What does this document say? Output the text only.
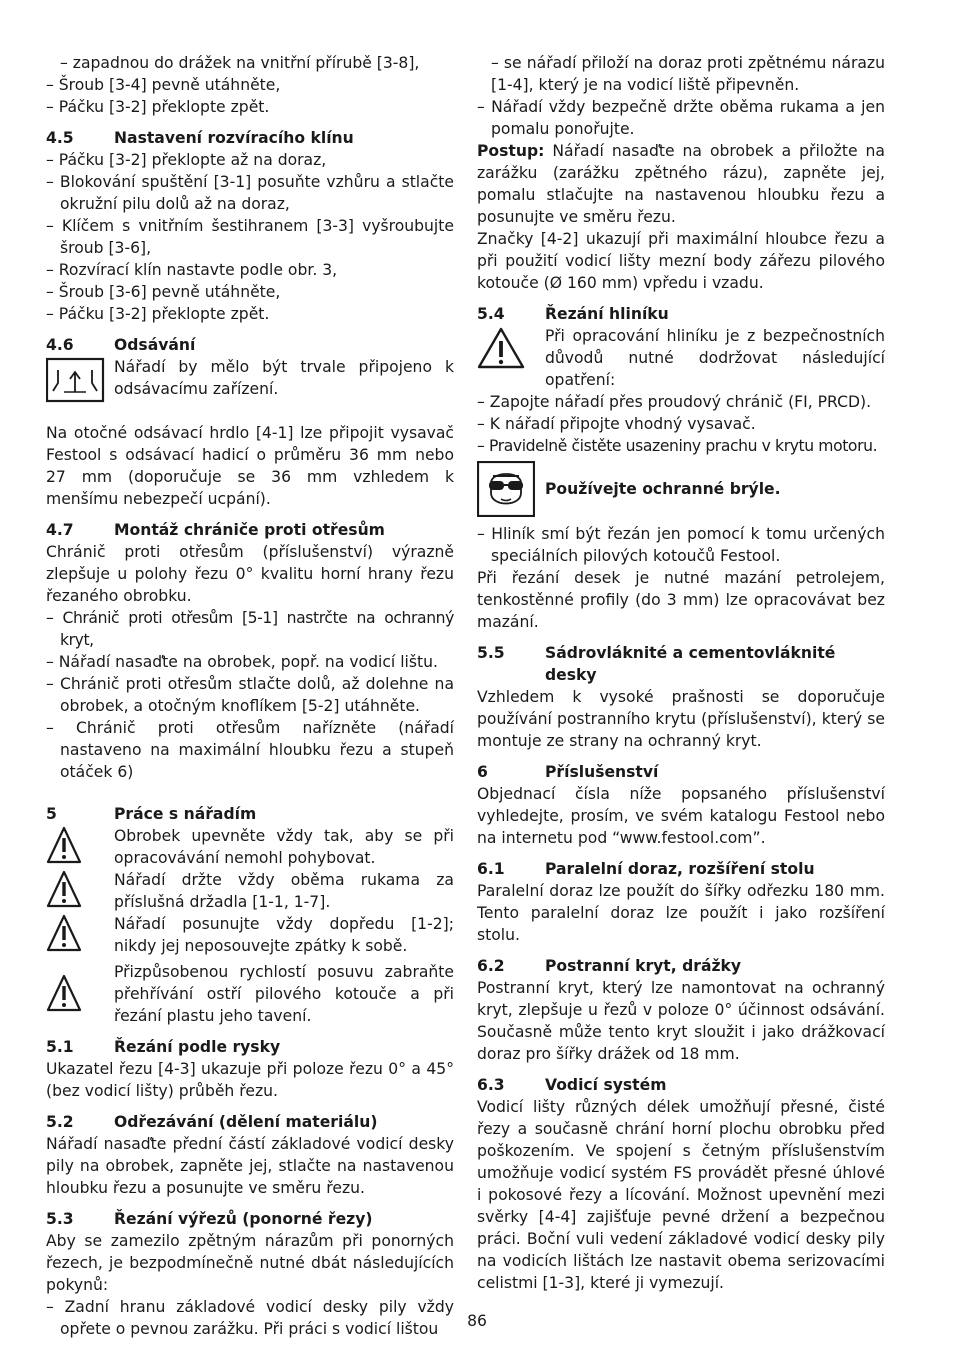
– zapadnou do drážek na vnitřní přírubě [3-8],
– Šroub [3-4] pevně utáhněte,
– Páčku [3-2] překlopte zpět.
4.5	Nastavení rozvíracího klínu
– Páčku [3-2] překlopte až na doraz,
– Blokování spuštění [3-1] posuňte vzhůru a stlačte okružní pilu dolů až na doraz,
– Klíčem s vnitřním šestihranem [3-3] vyšroubujte šroub [3-6],
– Rozvírací klín nastavte podle obr. 3,
– Šroub [3-6] pevně utáhněte,
– Páčku [3-2] překlopte zpět.
4.6	Odsávání
Nářadí by mělo být trvale připojeno k odsávacímu zařízení.

Na otočné odsávací hrdlo [4-1] lze připojit vysavač Festool s odsávací hadicí o průměru 36 mm nebo 27 mm (doporučuje se 36 mm vzhledem k menšímu nebezpečí ucpání).

4.7	Montáž chrániče proti otřesům

Chránič proti otřesům (příslušenství) výrazně zlepšuje u polohy řezu 0° kvalitu horní hrany řezu řezaného obrobku.

– Chránič proti otřesům [5-1] nastrčte na ochranný kryt,
– Nářadí nasaďte na obrobek, popř. na vodicí lištu.
– Chránič proti otřesům stlačte dolů, až dolehne na obrobek, a otočným knoflíkem [5-2] utáhněte.
– Chránič proti otřesům nařízněte (nářadí nastaveno na maximální hloubku řezu a stupeň otáček 6)
5	Práce s nářadím
Obrobek upevněte vždy tak, aby se při opracovávání nemohl pohybovat.
Nářadí držte vždy oběma rukama za příslušná držadla [1-1, 1-7].
Nářadí posunujte vždy dopředu [1-2]; nikdy jej neposouvejte zpátky k sobě.
Přizpůsobenou rychlostí posuvu zabraňte přehřívání ostří pilového kotouče a při řezání plastu jeho tavení.
5.1	Řezání podle rysky

Ukazatel řezu [4-3] ukazuje při poloze řezu 0° a 45° (bez vodicí lišty) průběh řezu.

5.2	Odřezávání (dělení materiálu)

Nářadí nasaďte přední částí základové vodicí desky pily na obrobek, zapněte jej, stlačte na nastavenou hloubku řezu a posunujte ve směru řezu.

5.3	Řezání výřezů (ponorné řezy)

Aby se zamezilo zpětným nárazům při ponorných řezech, je bezpodmínečně nutné dbát následujících pokynů:

– Zadní hranu základové vodicí desky pily vždy opřete o pevnou zarážku. Při práci s vodicí lištou
– se nářadí přiloží na doraz proti zpětnému nárazu [1-4], který je na vodicí liště připevněn.
– Nářadí vždy bezpečně držte oběma rukama a jen pomalu ponořujte.

Postup: Nářadí nasaďte na obrobek a přiložte na zarážku (zarážku zpětného rázu), zapněte jej, pomalu stlačujte na nastavenou hloubku řezu a posunujte ve směru řezu.

Značky [4-2] ukazují při maximální hloubce řezu a při použití vodicí lišty mezní body zářezu pilového kotouče (Ø 160 mm) vpředu i vzadu.

5.4	Řezání hliníku
Při opracování hliníku je z bezpečnostních důvodů nutné dodržovat následující opatření:
– Zapojte nářadí přes proudový chránič (FI, PRCD).
– K nářadí připojte vhodný vysavač.
– Pravidelně čistěte usazeniny prachu v krytu motoru.
Používejte ochranné brýle.
– Hliník smí být řezán jen pomocí k tomu určených speciálních pilových kotoučů Festool.

Při řezání desek je nutné mazání petrolejem, tenkostěnné profily (do 3 mm) lze opracovávat bez mazání.

5.5	Sádrovláknité a cementovláknité desky

Vzhledem k vysoké prašnosti se doporučuje používání postranního krytu (příslušenství), který se montuje ze strany na ochranný kryt.

6	Příslušenství

Objednací čísla níže popsaného příslušenství vyhledejte, prosím, ve svém katalogu Festool nebo na internetu pod “www.festool.com”.

6.1	Paralelní doraz, rozšíření stolu

Paralelní doraz lze použít do šířky odřezku 180 mm. Tento paralelní doraz lze použít i jako rozšíření stolu.

6.2	Postranní kryt, drážky

Postranní kryt, který lze namontovat na ochranný kryt, zlepšuje u řezů v poloze 0° účinnost odsávání. Současně může tento kryt sloužit i jako drážkovací doraz pro šířky drážek od 18 mm.

6.3	Vodicí systém

Vodicí lišty různých délek umožňují přesné, čisté řezy a současně chrání horní plochu obrobku před poškozením. Ve spojení s četným příslušenstvím umožňuje vodicí systém FS provádět přesné úhlové i pokosové řezy a lícování. Možnost upevnění mezi svěrky [4-4] zajišťuje pevné držení a bezpečnou práci. Boční vuli vedení základové vodicí desky pily na vodicích lištách lze nastavit obema serizovacími celistmi [1-3], které ji vymezují.

86
